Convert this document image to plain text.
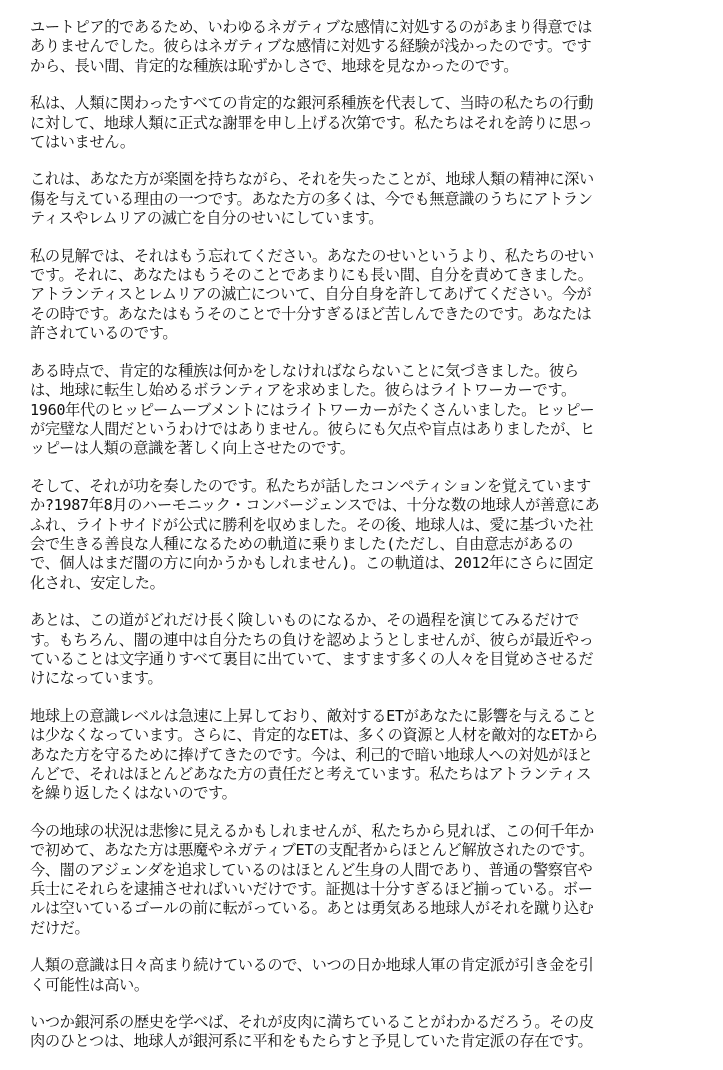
ユートピア的であるため、いわゆるネガティブな感情に対処するのがあまり得意では
ありませんでした。彼らはネガティブな感情に対処する経験が浅かったのです。です
から、長い間、肯定的な種族は恥ずかしさで、地球を見なかったのです。
私は、人類に関わったすべての肯定的な銀河系種族を代表して、当時の私たちの行動
に対して、地球人類に正式な謝罪を申し上げる次第です。私たちはそれを誇りに思っ
てはいません。
これは、あなた方が楽園を持ちながら、それを失ったことが、地球人類の精神に深い
傷を与えている理由の一つです。あなた方の多くは、今でも無意識のうちにアトラン
ティスやレムリアの滅亡を自分のせいにしています。
私の見解では、それはもう忘れてください。あなたのせいというより、私たちのせい
です。それに、あなたはもうそのことであまりにも長い間、自分を責めてきました。
アトランティスとレムリアの滅亡について、自分自身を許してあげてください。今が
その時です。あなたはもうそのことで十分すぎるほど苦しんできたのです。あなたは
許されているのです。
ある時点で、肯定的な種族は何かをしなければならないことに気づきました。彼ら
は、地球に転生し始めるボランティアを求めました。彼らはライトワーカーです。
1960年代のヒッピームーブメントにはライトワーカーがたくさんいました。ヒッピー
が完璧な人間だというわけではありません。彼らにも欠点や盲点はありましたが、ヒ
ッピーは人類の意識を著しく向上させたのです。
そして、それが功を奏したのです。私たちが話したコンペティションを覚えています
か?1987年8月のハーモニック・コンバージェンスでは、十分な数の地球人が善意にあ
ふれ、ライトサイドが公式に勝利を収めました。その後、地球人は、愛に基づいた社
会で生きる善良な人種になるための軌道に乗りました(ただし、自由意志があるの
で、個人はまだ闇の方に向かうかもしれません)。この軌道は、2012年にさらに固定
化され、安定した。
あとは、この道がどれだけ長く険しいものになるか、その過程を演じてみるだけで
す。もちろん、闇の連中は自分たちの負けを認めようとしませんが、彼らが最近やっ
ていることは文字通りすべて裏目に出ていて、ますます多くの人々を目覚めさせるだ
けになっています。
地球上の意識レベルは急速に上昇しており、敵対するETがあなたに影響を与えること
は少なくなっています。さらに、肯定的なETは、多くの資源と人材を敵対的なETから
あなた方を守るために捧げてきたのです。今は、利己的で暗い地球人への対処がほと
んどで、それはほとんどあなた方の責任だと考えています。私たちはアトランティス
を繰り返したくはないのです。
今の地球の状況は悲惨に見えるかもしれませんが、私たちから見れば、この何千年か
で初めて、あなた方は悪魔やネガティブETの支配者からほとんど解放されたのです。
今、闇のアジェンダを追求しているのはほとんど生身の人間であり、普通の警察官や
兵士にそれらを逮捕させればいいだけです。証拠は十分すぎるほど揃っている。ボー
ルは空いているゴールの前に転がっている。あとは勇気ある地球人がそれを蹴り込む
だけだ。
人類の意識は日々高まり続けているので、いつの日か地球人軍の肯定派が引き金を引
く可能性は高い。
いつか銀河系の歴史を学べば、それが皮肉に満ちていることがわかるだろう。その皮
肉のひとつは、地球人が銀河系に平和をもたらすと予見していた肯定派の存在です。
